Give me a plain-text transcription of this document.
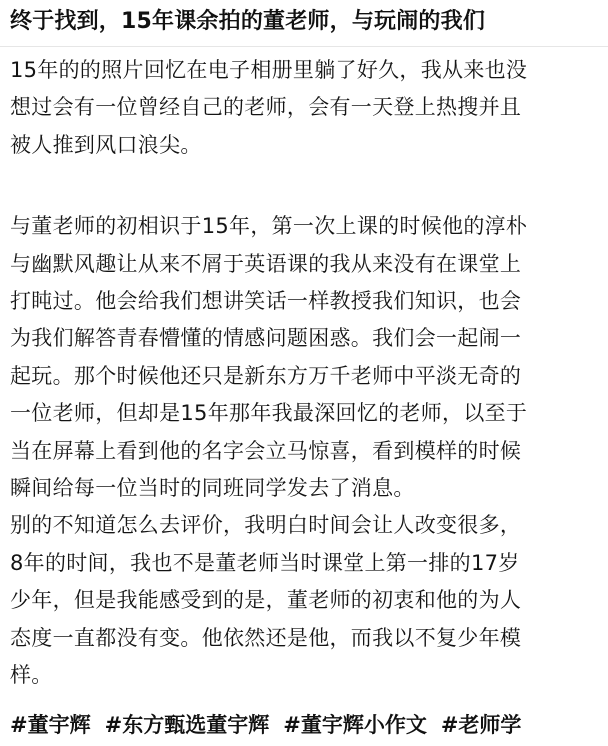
终于找到，15年课余拍的董老师，与玩闹的我们
15年的的照片回忆在电子相册里躺了好久，我从来也没
想过会有一位曾经自己的老师，会有一天登上热搜并且
被人推到风口浪尖。
与董老师的初相识于15年，第一次上课的时候他的淳朴
与幽默风趣让从来不屑于英语课的我从来没有在课堂上
打盹过。他会给我们想讲笑话一样教授我们知识，也会
为我们解答青春懵懂的情感问题困惑。我们会一起闹一
起玩。那个时候他还只是新东方万千老师中平淡无奇的
一位老师，但却是15年那年我最深回忆的老师，以至于
当在屏幕上看到他的名字会立马惊喜，看到模样的时候
瞬间给每一位当时的同班同学发去了消息。
别的不知道怎么去评价，我明白时间会让人改变很多，
8年的时间，我也不是董老师当时课堂上第一排的17岁
少年，但是我能感受到的是，董老师的初衷和他的为人
态度一直都没有变。他依然还是他，而我以不复少年模
样。
#董宇辉 #东方甄选董宇辉 #董宇辉小作文 #老师学
